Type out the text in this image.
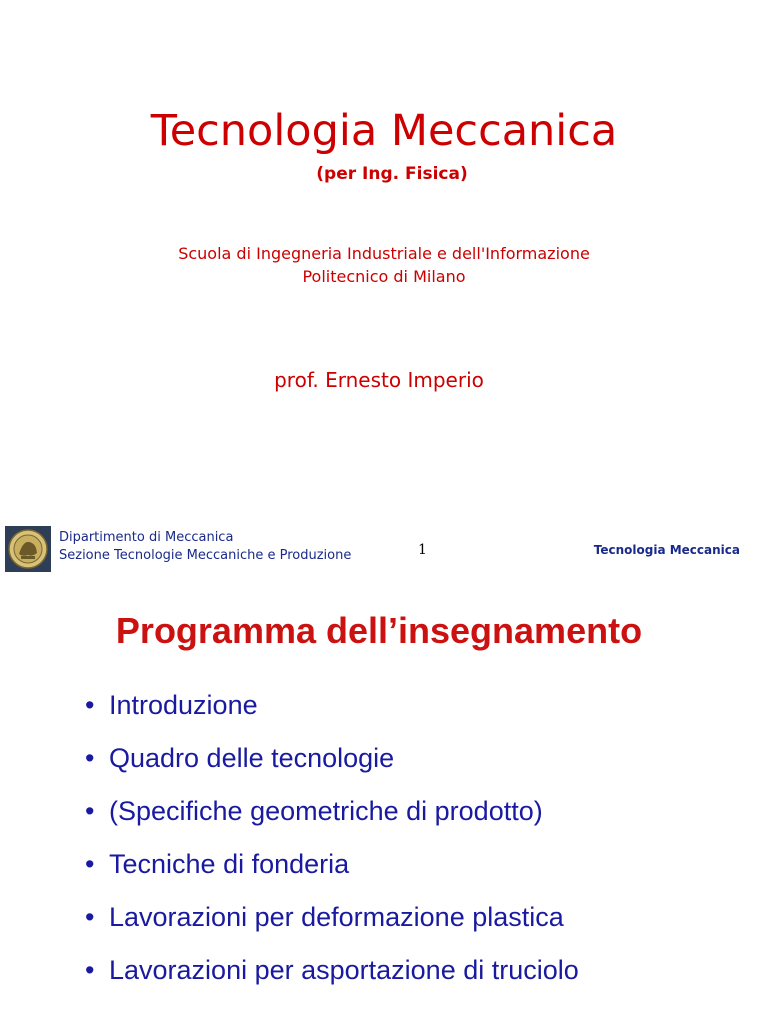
Tecnologia Meccanica
(per Ing. Fisica)
Scuola di Ingegneria Industriale e dell'Informazione
Politecnico di Milano
prof. Ernesto Imperio
Dipartimento di Meccanica
Sezione Tecnologie Meccaniche e Produzione	1	Tecnologia Meccanica
Programma dell’insegnamento
• Introduzione
• Quadro delle tecnologie
• (Specifiche geometriche di prodotto)
• Tecniche di fonderia
• Lavorazioni per deformazione plastica
• Lavorazioni per asportazione di truciolo
